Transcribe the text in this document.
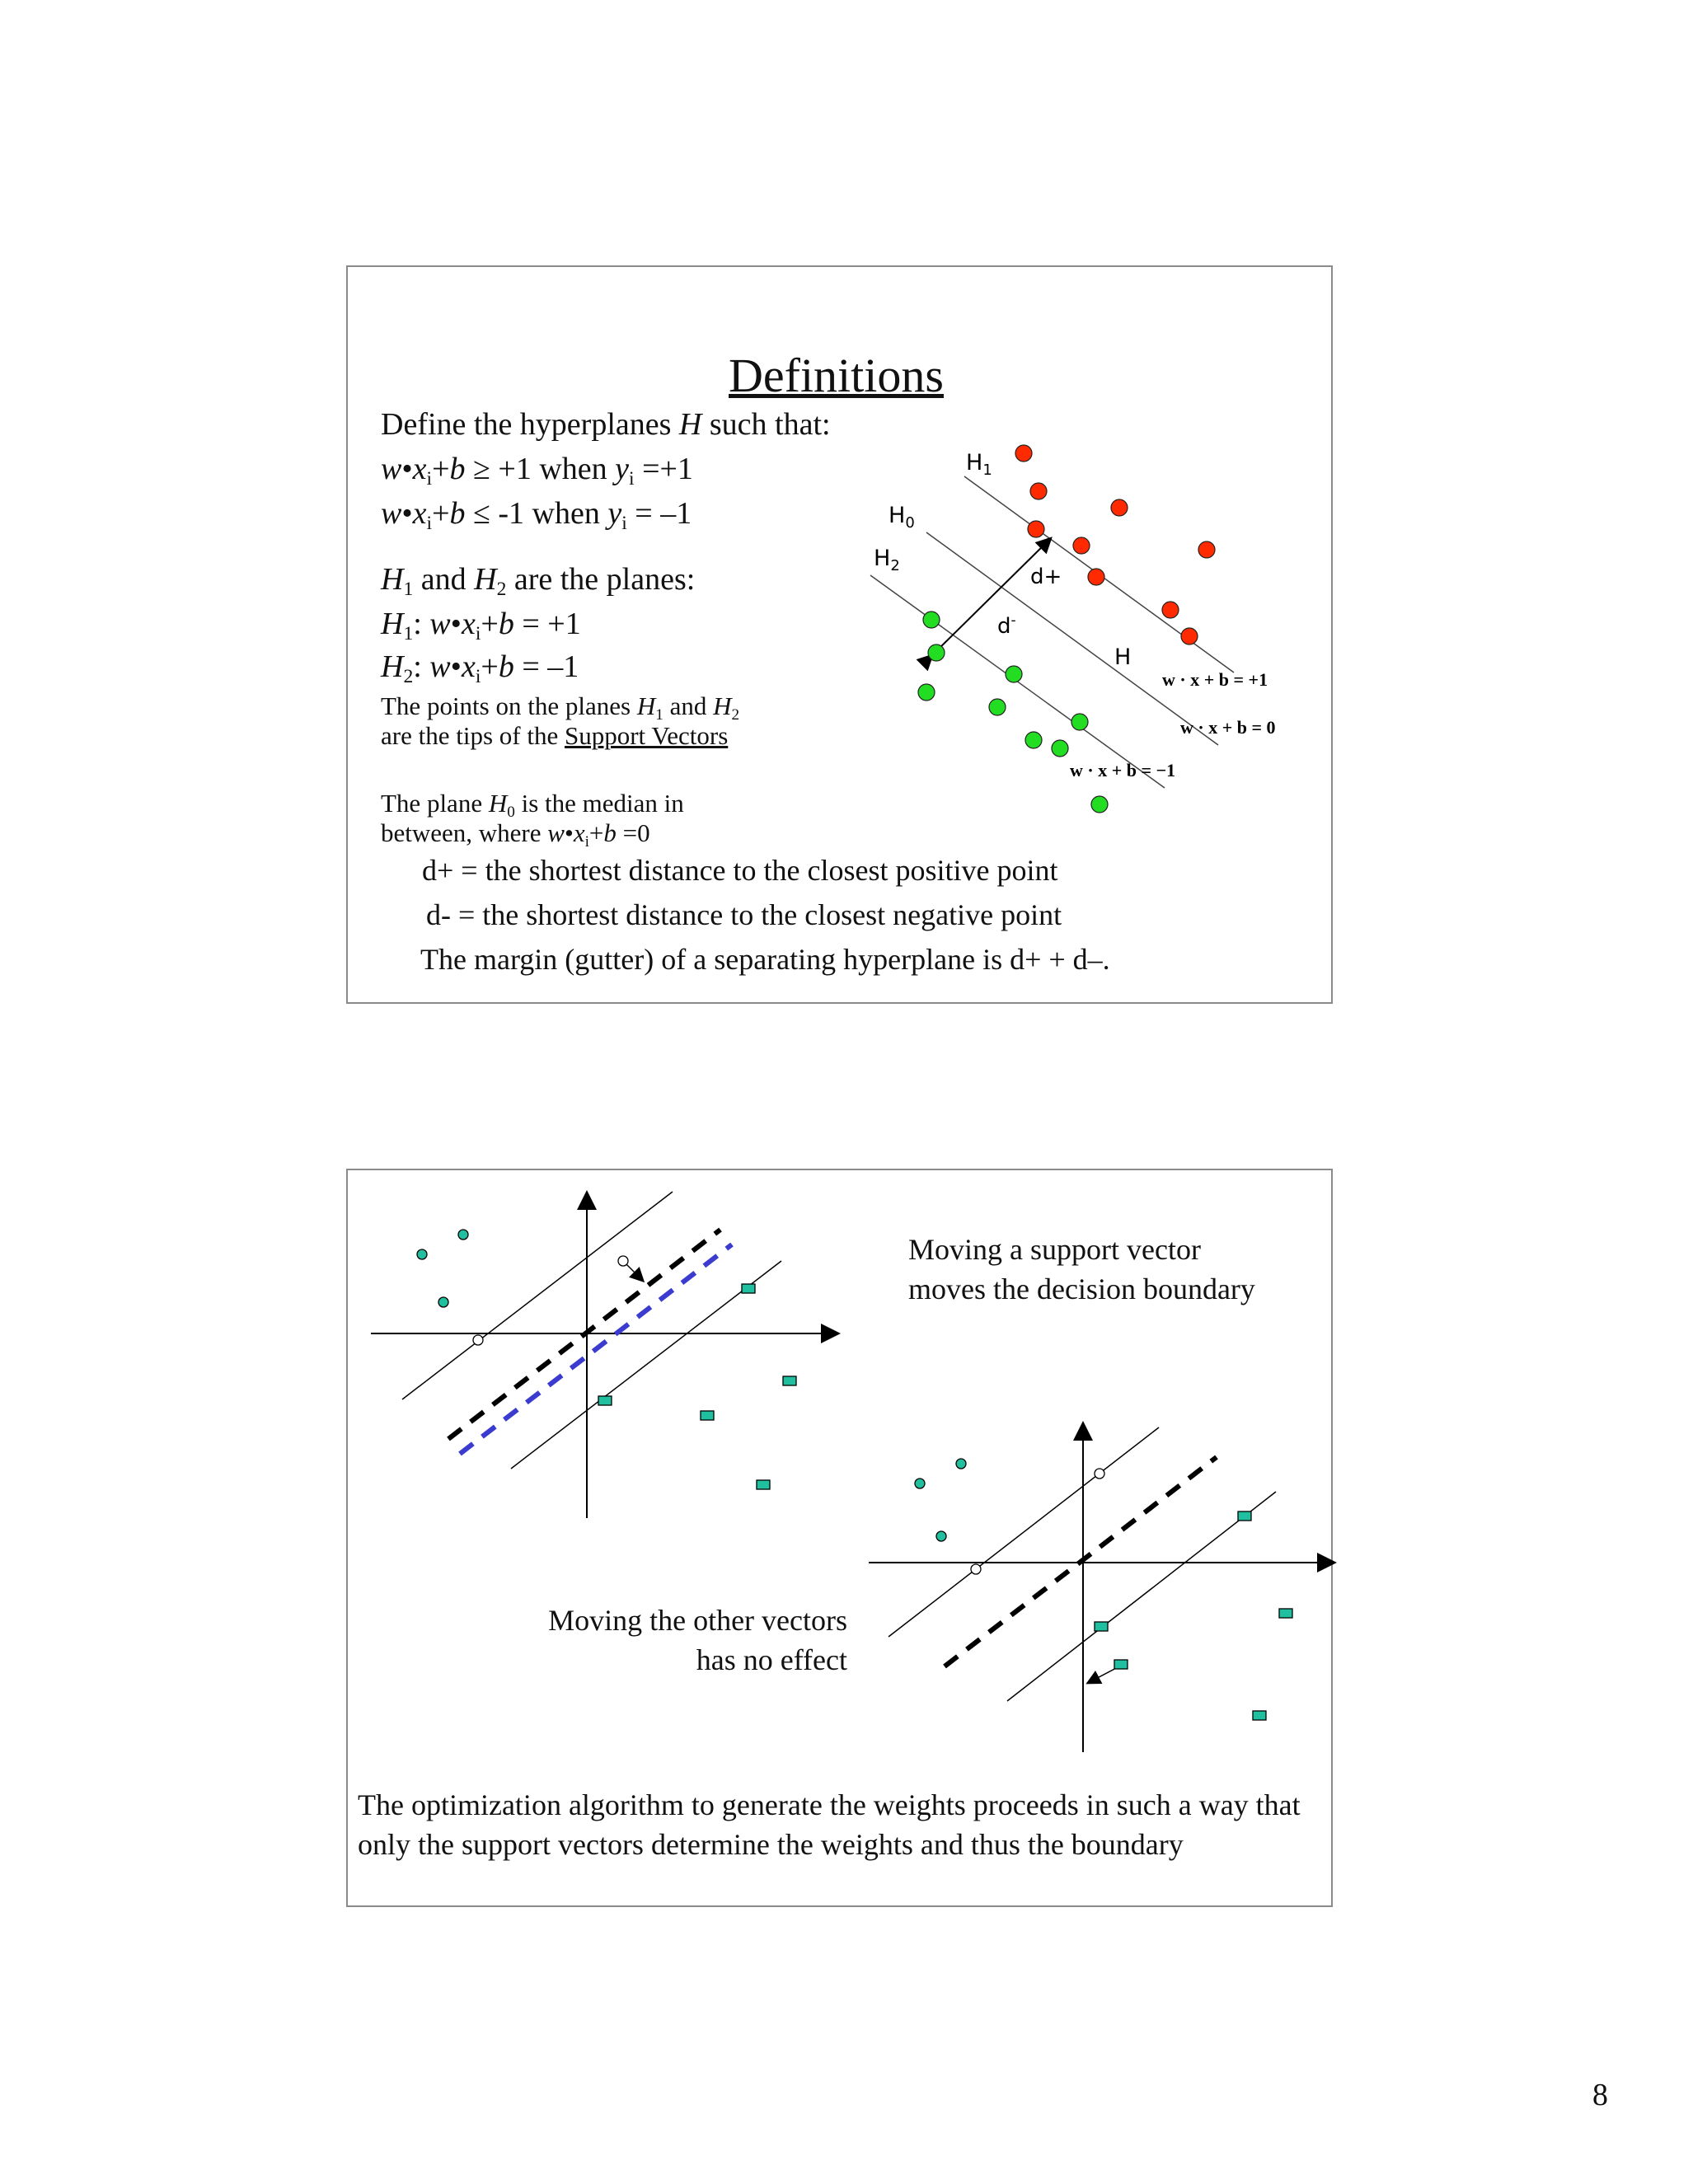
Definitions
Define the hyperplanes H such that:
$w•x_i+b \ge +1$ when $y_i =+1$
$w•x_i+b \le -1$ when $y_i = -1$
$H_1$ and $H_2$ are the planes:
$H_1$: $w•x_i+b = +1$
$H_2$: $w•x_i+b = -1$
The points on the planes $H_1$ and $H_2$ are the tips of the Support Vectors
The plane $H_0$ is the median in between, where $w•x_i+b =0$
d+ = the shortest distance to the closest positive point
d- = the shortest distance to the closest negative point
The margin (gutter) of a separating hyperplane is d+ + d–.
$H_1$
$H_0$
$H_2$	d+
d-
H
w · x + b = +1
w · x + b = 0
w · x + b = −1
Moving a support vector moves the decision boundary
Moving the other vectors
has no effect
The optimization algorithm to generate the weights proceeds in such a way that only the support vectors determine the weights and thus the boundary
8
